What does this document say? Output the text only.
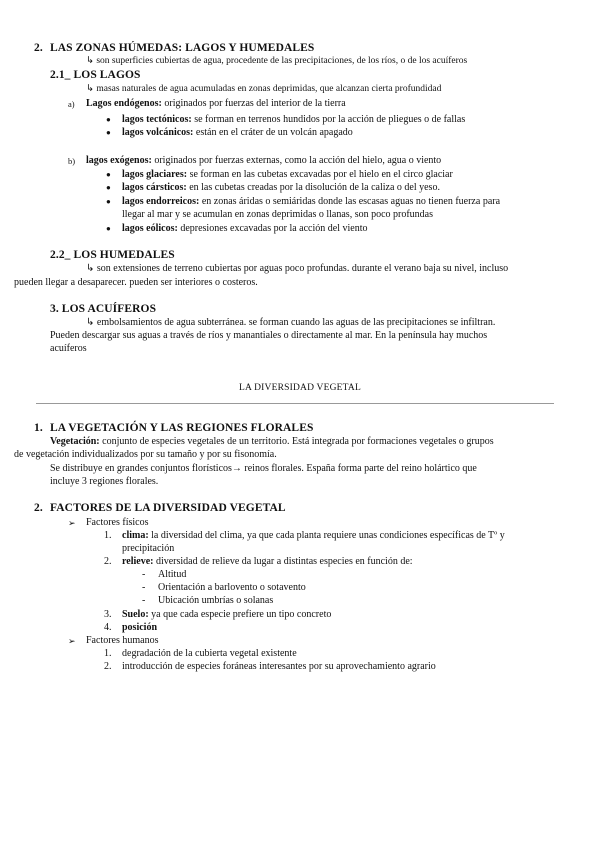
2. LAS ZONAS HÚMEDAS: LAGOS Y HUMEDALES
↳ son superficies cubiertas de agua, procedente de las precipitaciones, de los ríos, o de los acuíferos
2.1_ LOS LAGOS
↳ masas naturales de agua acumuladas en zonas deprimidas, que alcanzan cierta profundidad
a) Lagos endógenos: originados por fuerzas del interior de la tierra
● lagos tectónicos: se forman en terrenos hundidos por la acción de pliegues o de fallas
● lagos volcánicos: están en el cráter de un volcán apagado
b) lagos exógenos: originados por fuerzas externas, como la acción del hielo, agua o viento
● lagos glaciares: se forman en las cubetas excavadas por el hielo en el circo glaciar
● lagos cársticos: en las cubetas creadas por la disolución de la caliza o del yeso.
● lagos endorreicos: en zonas áridas o semiáridas donde las escasas aguas no tienen fuerza para
llegar al mar y se acumulan en zonas deprimidas o llanas, son poco profundas
● lagos eólicos: depresiones excavadas por la acción del viento
2.2_ LOS HUMEDALES
↳ son extensiones de terreno cubiertas por aguas poco profundas. durante el verano baja su nivel, incluso
pueden llegar a desaparecer. pueden ser interiores o costeros.
3. LOS ACUÍFEROS
↳ embolsamientos de agua subterránea. se forman cuando las aguas de las precipitaciones se infiltran.
Pueden descargar sus aguas a través de ríos y manantiales o directamente al mar. En la península hay muchos
acuíferos
LA DIVERSIDAD VEGETAL
1. LA VEGETACIÓN Y LAS REGIONES FLORALES
Vegetación: conjunto de especies vegetales de un territorio. Está integrada por formaciones vegetales o grupos
de vegetación individualizados por su tamaño y por su fisonomía.
Se distribuye en grandes conjuntos florísticos→ reinos florales. España forma parte del reino holártico que
incluye 3 regiones florales.
2. FACTORES DE LA DIVERSIDAD VEGETAL
➢ Factores físicos
1. clima: la diversidad del clima, ya que cada planta requiere unas condiciones específicas de Tº y
precipitación
2. relieve: diversidad de relieve da lugar a distintas especies en función de:
- Altitud
- Orientación a barlovento o sotavento
- Ubicación umbrías o solanas
3. Suelo: ya que cada especie prefiere un tipo concreto
4. posición
➢ Factores humanos
1. degradación de la cubierta vegetal existente
2. introducción de especies foráneas interesantes por su aprovechamiento agrario
